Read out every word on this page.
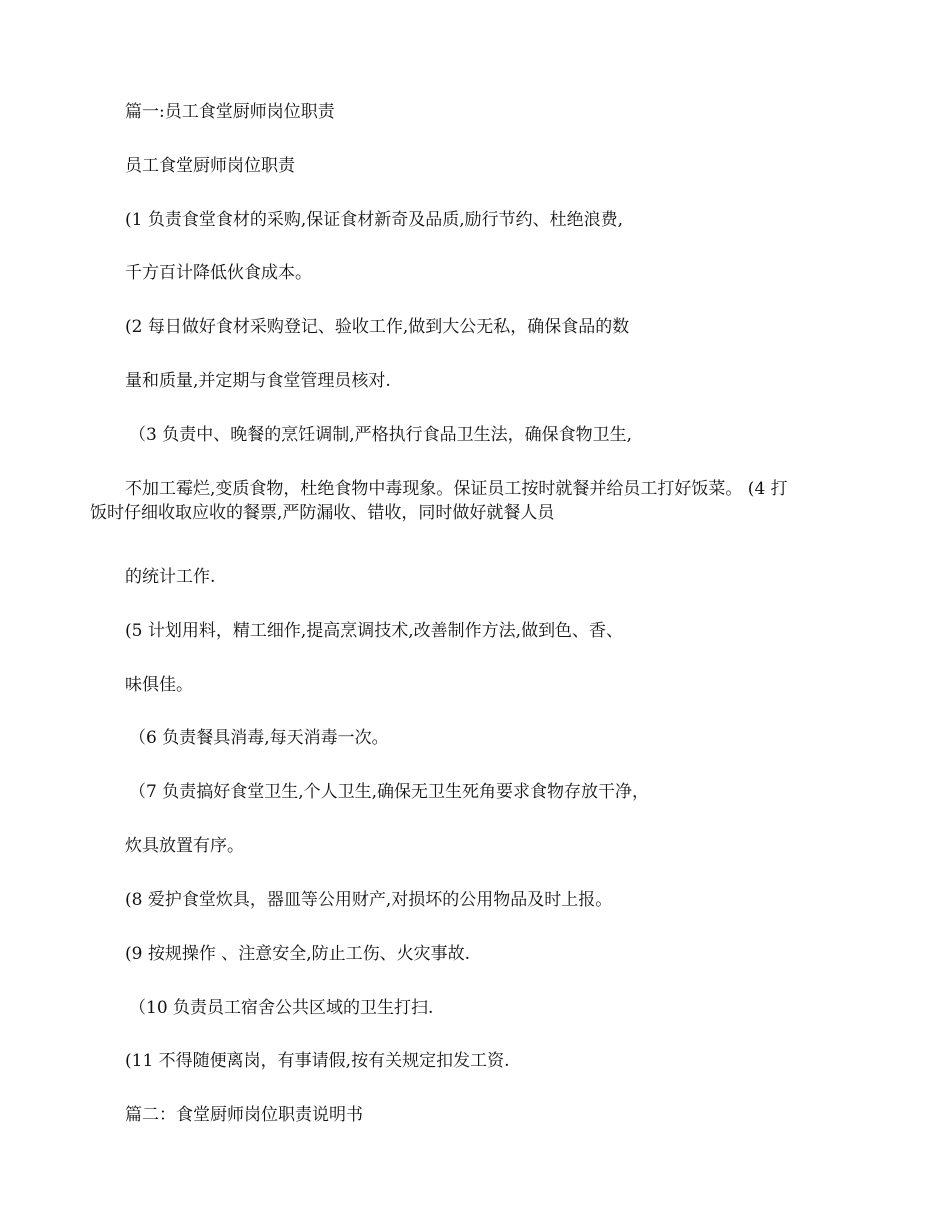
篇一:员工食堂厨师岗位职责
员工食堂厨师岗位职责
(1 负责食堂食材的采购,保证食材新奇及品质,励行节约、杜绝浪费,
千方百计降低伙食成本。
(2 每日做好食材采购登记、验收工作,做到大公无私，确保食品的数
量和质量,并定期与食堂管理员核对.
（3 负责中、晚餐的烹饪调制,严格执行食品卫生法，确保食物卫生,
不加工霉烂,变质食物，杜绝食物中毒现象。保证员工按时就餐并给员工打好饭菜。 (4 打
饭时仔细收取应收的餐票,严防漏收、错收，同时做好就餐人员
的统计工作.
(5 计划用料，精工细作,提高烹调技术,改善制作方法,做到色、香、
味俱佳。
（6 负责餐具消毒,每天消毒一次。
（7 负责搞好食堂卫生,个人卫生,确保无卫生死角要求食物存放干净，
炊具放置有序。
(8 爱护食堂炊具，器皿等公用财产,对损坏的公用物品及时上报。
(9 按规操作 、注意安全,防止工伤、火灾事故.
（10 负责员工宿舍公共区域的卫生打扫.
(11 不得随便离岗，有事请假,按有关规定扣发工资.
篇二：食堂厨师岗位职责说明书
